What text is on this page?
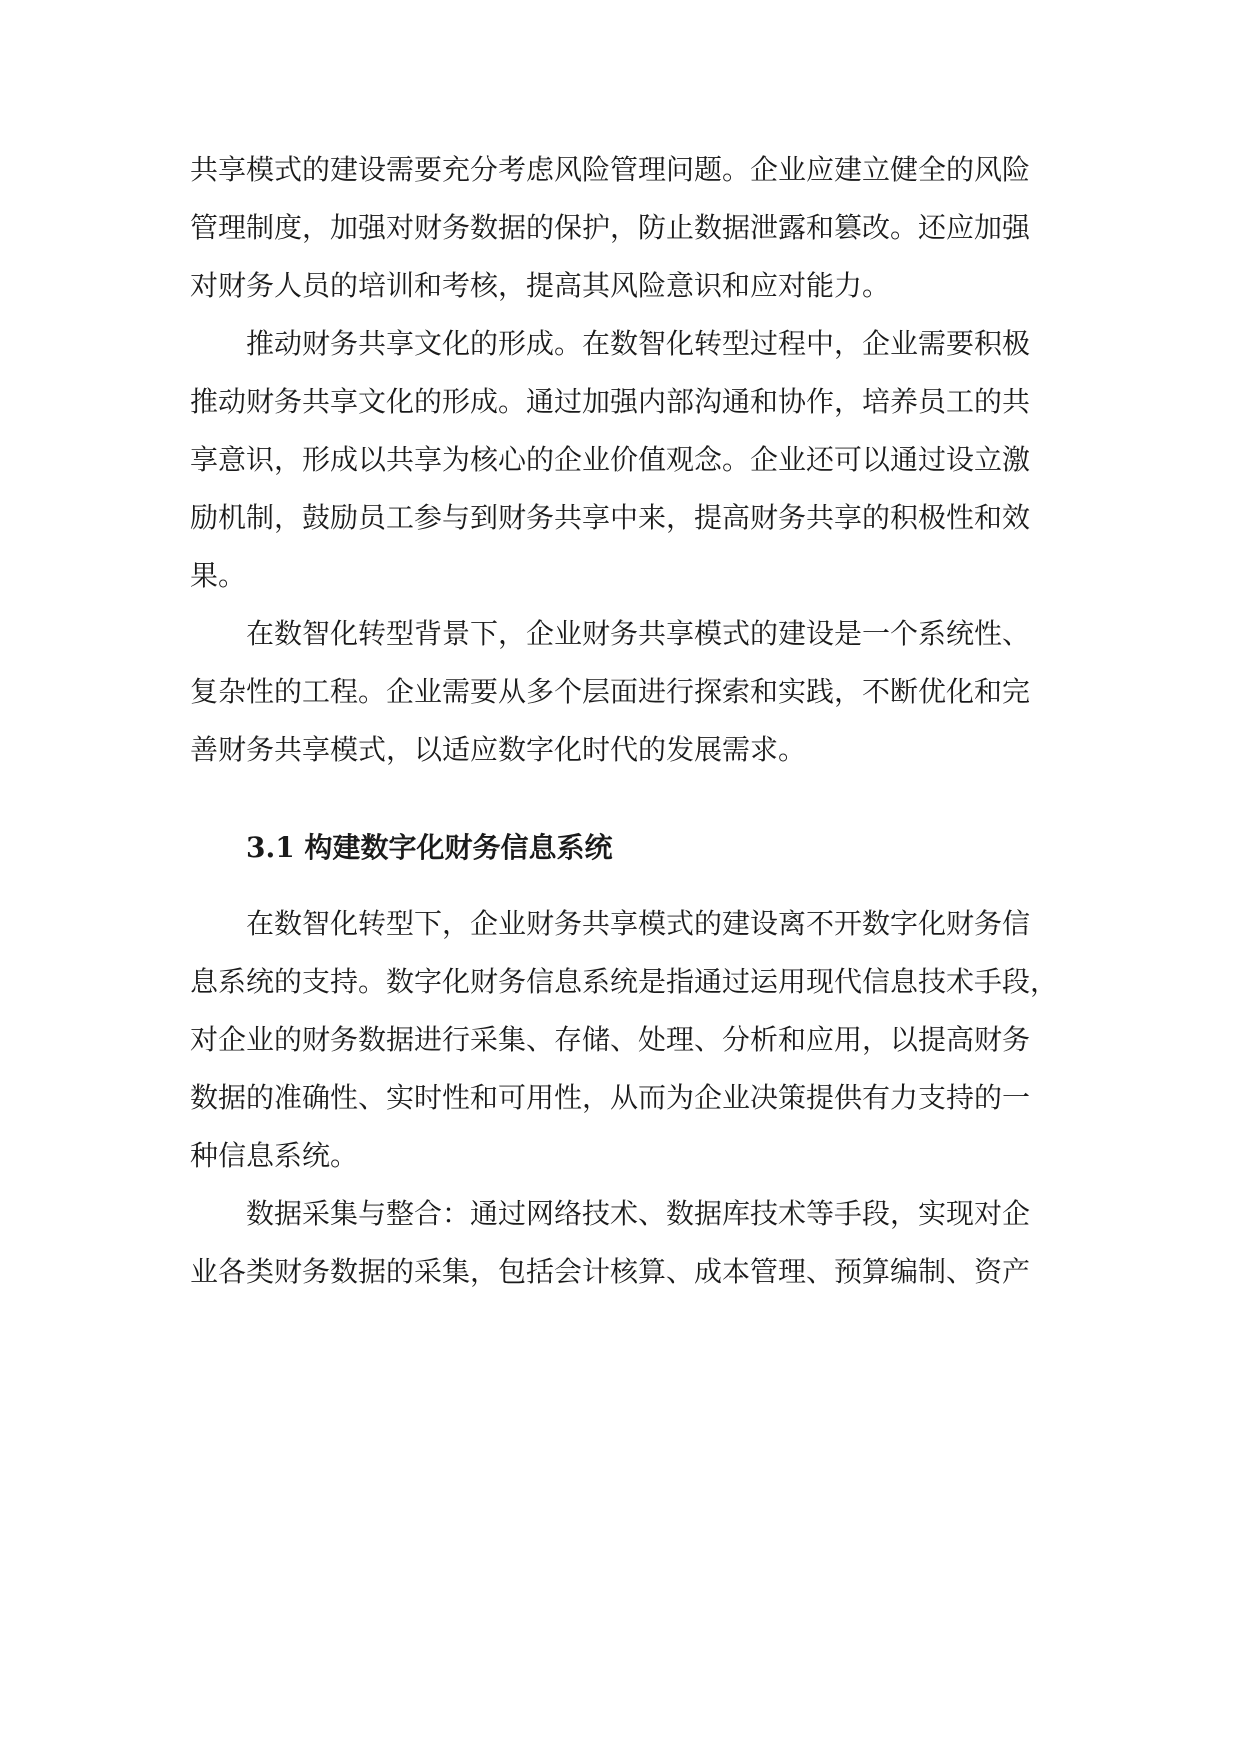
共享模式的建设需要充分考虑风险管理问题。企业应建立健全的风险
管理制度，加强对财务数据的保护，防止数据泄露和篡改。还应加强
对财务人员的培训和考核，提高其风险意识和应对能力。
推动财务共享文化的形成。在数智化转型过程中，企业需要积极
推动财务共享文化的形成。通过加强内部沟通和协作，培养员工的共
享意识，形成以共享为核心的企业价值观念。企业还可以通过设立激
励机制，鼓励员工参与到财务共享中来，提高财务共享的积极性和效
果。
在数智化转型背景下，企业财务共享模式的建设是一个系统性、
复杂性的工程。企业需要从多个层面进行探索和实践，不断优化和完
善财务共享模式，以适应数字化时代的发展需求。
3.1 构建数字化财务信息系统
在数智化转型下，企业财务共享模式的建设离不开数字化财务信
息系统的支持。数字化财务信息系统是指通过运用现代信息技术手段，
对企业的财务数据进行采集、存储、处理、分析和应用，以提高财务
数据的准确性、实时性和可用性，从而为企业决策提供有力支持的一
种信息系统。
数据采集与整合：通过网络技术、数据库技术等手段，实现对企
业各类财务数据的采集，包括会计核算、成本管理、预算编制、资产
